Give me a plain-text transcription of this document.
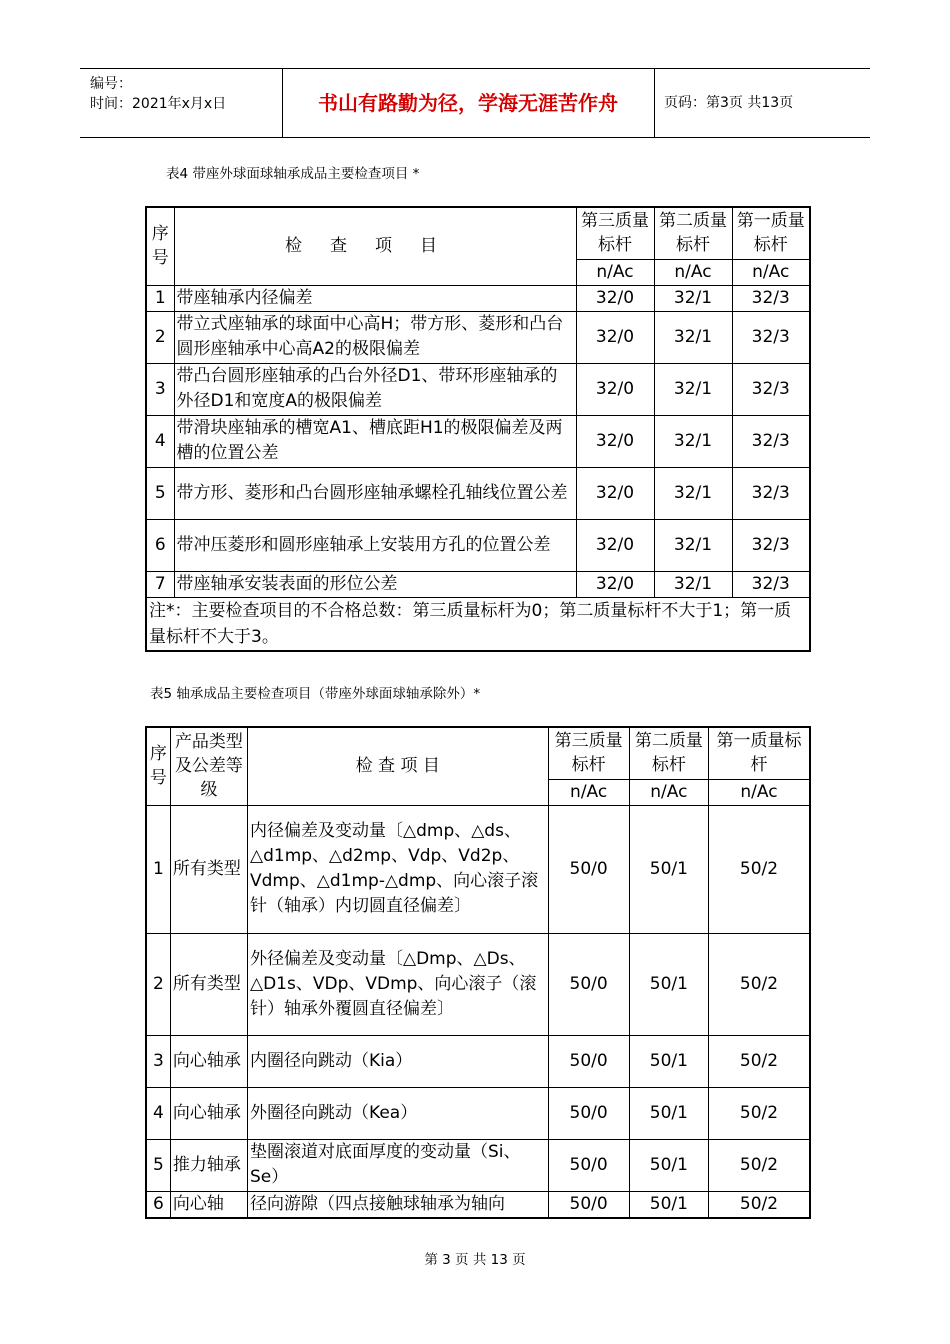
编号：
时间：2021年x月x日	书山有路勤为径，学海无涯苦作舟	页码：第3页 共13页
表4 带座外球面球轴承成品主要检查项目 *
序号	检查项目	第三质量标杆	第二质量标杆	第一质量标杆
		n/Ac	n/Ac	n/Ac
1	带座轴承内径偏差	32/0	32/1	32/3
2	带立式座轴承的球面中心高H；带方形、菱形和凸台圆形座轴承中心高A2的极限偏差	32/0	32/1	32/3
3	带凸台圆形座轴承的凸台外径D1、带环形座轴承的外径D1和宽度A的极限偏差	32/0	32/1	32/3
4	带滑块座轴承的槽宽A1、槽底距H1的极限偏差及两槽的位置公差	32/0	32/1	32/3
5	带方形、菱形和凸台圆形座轴承螺栓孔轴线位置公差	32/0	32/1	32/3
6	带冲压菱形和圆形座轴承上安装用方孔的位置公差	32/0	32/1	32/3
7	带座轴承安装表面的形位公差	32/0	32/1	32/3
注*：主要检查项目的不合格总数：第三质量标杆为0；第二质量标杆不大于1；第一质量标杆不大于3。				
表5 轴承成品主要检查项目（带座外球面球轴承除外）*
序号	产品类型及公差等级	检 查 项 目	第三质量标杆	第二质量标杆	第一质量标杆
			n/Ac	n/Ac	n/Ac
1	所有类型	内径偏差及变动量〔△dmp、△ds、△d1mp、△d2mp、Vdp、Vd2p、Vdmp、△d1mp-△dmp、向心滚子滚针（轴承）内切圆直径偏差〕	50/0	50/1	50/2
2	所有类型	外径偏差及变动量〔△Dmp、△Ds、△D1s、VDp、VDmp、向心滚子（滚针）轴承外覆圆直径偏差〕	50/0	50/1	50/2
3	向心轴承	内圈径向跳动（Kia）	50/0	50/1	50/2
4	向心轴承	外圈径向跳动（Kea）	50/0	50/1	50/2
5	推力轴承	垫圈滚道对底面厚度的变动量（Si、Se）	50/0	50/1	50/2
6	向心轴	径向游隙（四点接触球轴承为轴向	50/0	50/1	50/2
第 3 页 共 13 页
